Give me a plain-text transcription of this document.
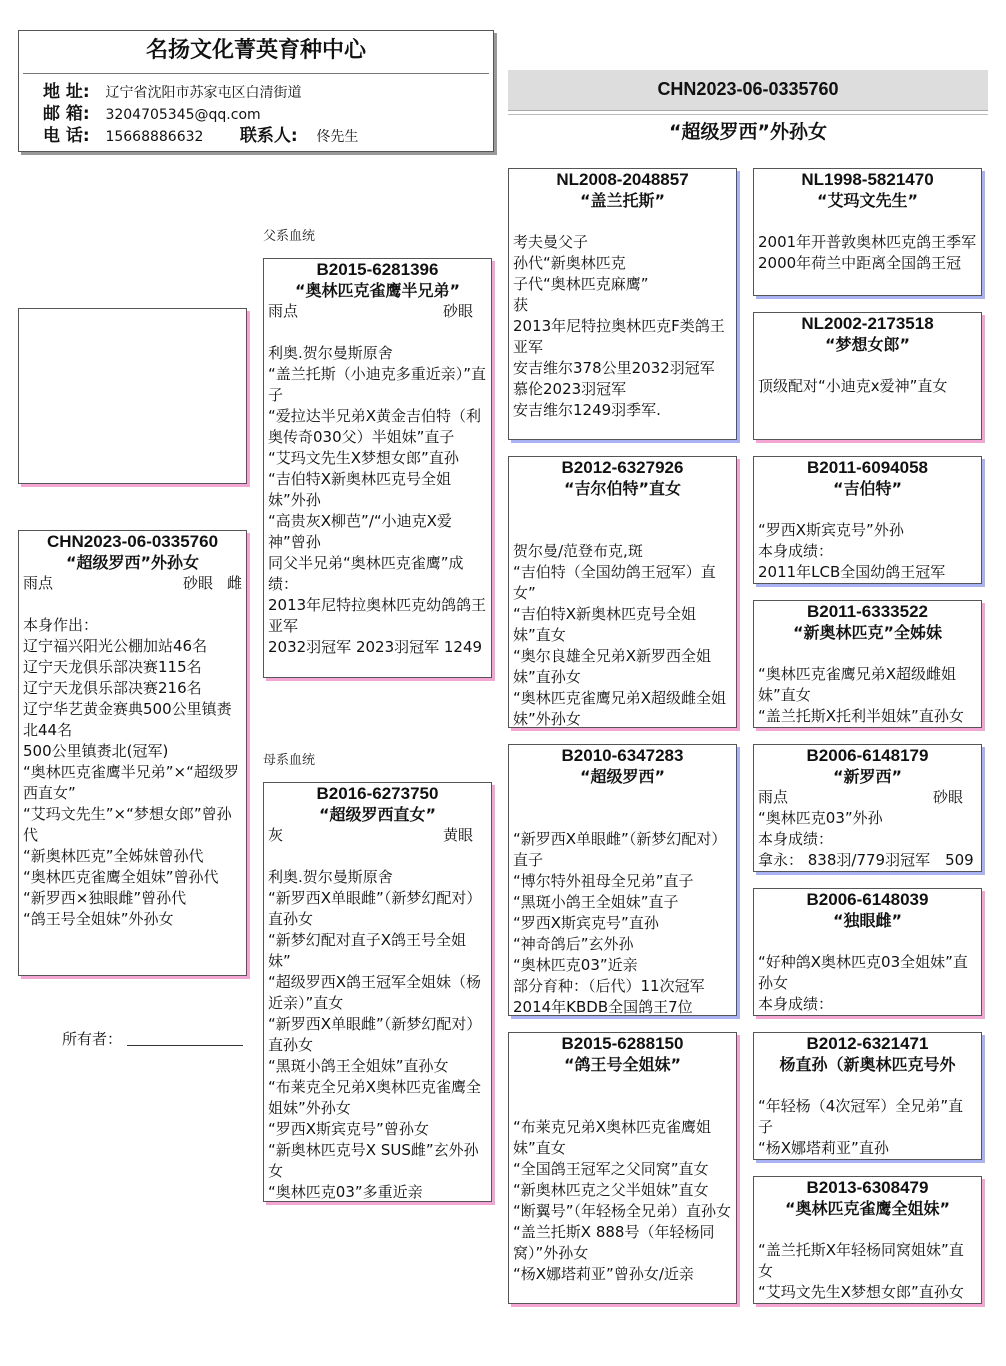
名扬文化菁英育种中心
地 址: 辽宁省沈阳市苏家屯区白清街道
邮 箱: 3204705345@qq.com
电 话: 15668886632 联系人: 佟先生
CHN2023-06-0335760
“超级罗西”外孙女
父系血统
母系血统
CHN2023-06-0335760
“超级罗西”外孙女
雨点	雌
砂眼
本身作出：
辽宁福兴阳光公棚加站46名
辽宁天龙俱乐部决赛115名
辽宁天龙俱乐部决赛216名
辽宁华艺黄金赛典500公里镇赉北44名
500公里镇赉北(冠军)
“奥林匹克雀鹰半兄弟”×“超级罗西直女”
“艾玛文先生”×“梦想女郎”曾孙代
“新奥林匹克”全姊妹曾孙代
“奥林匹克雀鹰全姐妹”曾孙代
“新罗西×独眼雌”曾孙代
“鸽王号全姐妹”外孙女
所有者：
B2015-6281396
“奥林匹克雀鹰半兄弟”
雨点	砂眼

利奥.贺尔曼斯原舍
“盖兰托斯（小迪克多重近亲）”直子
“爱拉达半兄弟X黄金吉伯特（利奥传奇030父）半姐妹”直子
“艾玛文先生X梦想女郎”直孙
“吉伯特X新奥林匹克号全姐妹”外孙
“高贵灰X柳芭”/“小迪克X爱神”曾孙
同父半兄弟“奥林匹克雀鹰”成绩：
2013年尼特拉奥林匹克幼鸽鸽王亚军
2032羽冠军 2023羽冠军 1249
B2016-6273750
“超级罗西直女”
灰	黄眼

利奥.贺尔曼斯原舍
“新罗西X单眼雌”（新梦幻配对）直孙女
“新梦幻配对直子X鸽王号全姐妹”
“超级罗西X鸽王冠军全姐妹（杨近亲）”直女
“新罗西X单眼雌”（新梦幻配对）直孙女
“黑斑小鸽王全姐妹”直孙女
“布莱克全兄弟X奥林匹克雀鹰全姐妹”外孙女
“罗西X斯宾克号”曾孙女
“新奥林匹克号X SUS雌”玄外孙女
“奥林匹克03”多重近亲
NL2008-2048857
“盖兰托斯”

考夫曼父子
孙代“新奥林匹克
子代“奥林匹克麻鹰”
获
2013年尼特拉奥林匹克F类鸽王亚军
安吉维尔378公里2032羽冠军
慕伦2023羽冠军
安吉维尔1249羽季军.
B2012-6327926
“吉尔伯特”直女

贺尔曼/范登布克,斑
“吉伯特（全国幼鸽王冠军）直女”
“吉伯特X新奥林匹克号全姐妹”直女
“奥尔良雄全兄弟X新罗西全姐妹”直孙女
“奥林匹克雀鹰兄弟X超级雌全姐妹”外孙女
B2010-6347283
“超级罗西”

“新罗西X单眼雌”（新梦幻配对）直子
“博尔特外祖母全兄弟”直子
“黑斑小鸽王全姐妹”直子
“罗西X斯宾克号”直孙
“神奇鸽后”玄外孙
“奥林匹克03”近亲
部分育种：（后代）11次冠军
2014年KBDB全国鸽王7位
B2015-6288150
“鸽王号全姐妹”

“布莱克兄弟X奥林匹克雀鹰姐妹”直女
“全国鸽王冠军之父同窝”直女
“新奥林匹克之父半姐妹”直女
“断翼号”（年轻杨全兄弟）直孙女
“盖兰托斯X 888号（年轻杨同窝）”外孙女
“杨X娜塔莉亚”曾孙女/近亲
NL1998-5821470
“艾玛文先生”

2001年开普敦奥林匹克鸽王季军
2000年荷兰中距离全国鸽王冠
NL2002-2173518
“梦想女郎”

顶级配对“小迪克x爱神”直女
B2011-6094058
“吉伯特”

“罗西X斯宾克号”外孙
本身成绩：
2011年LCB全国幼鸽王冠军
B2011-6333522
“新奥林匹克”全姊妹

“奥林匹克雀鹰兄弟X超级雌姐妹”直女
“盖兰托斯X托利半姐妹”直孙女
B2006-6148179
“新罗西”
雨点	砂眼
“奥林匹克03”外孙
本身成绩：
拿永： 838羽/779羽冠军　509
B2006-6148039
“独眼雌”

“好种鸽X奥林匹克03全姐妹”直孙女
本身成绩：
B2012-6321471
杨直孙（新奥林匹克号外

“年轻杨（4次冠军）全兄弟”直子
“杨X娜塔莉亚”直孙
B2013-6308479
“奥林匹克雀鹰全姐妹”

“盖兰托斯X年轻杨同窝姐妹”直女
“艾玛文先生X梦想女郎”直孙女
